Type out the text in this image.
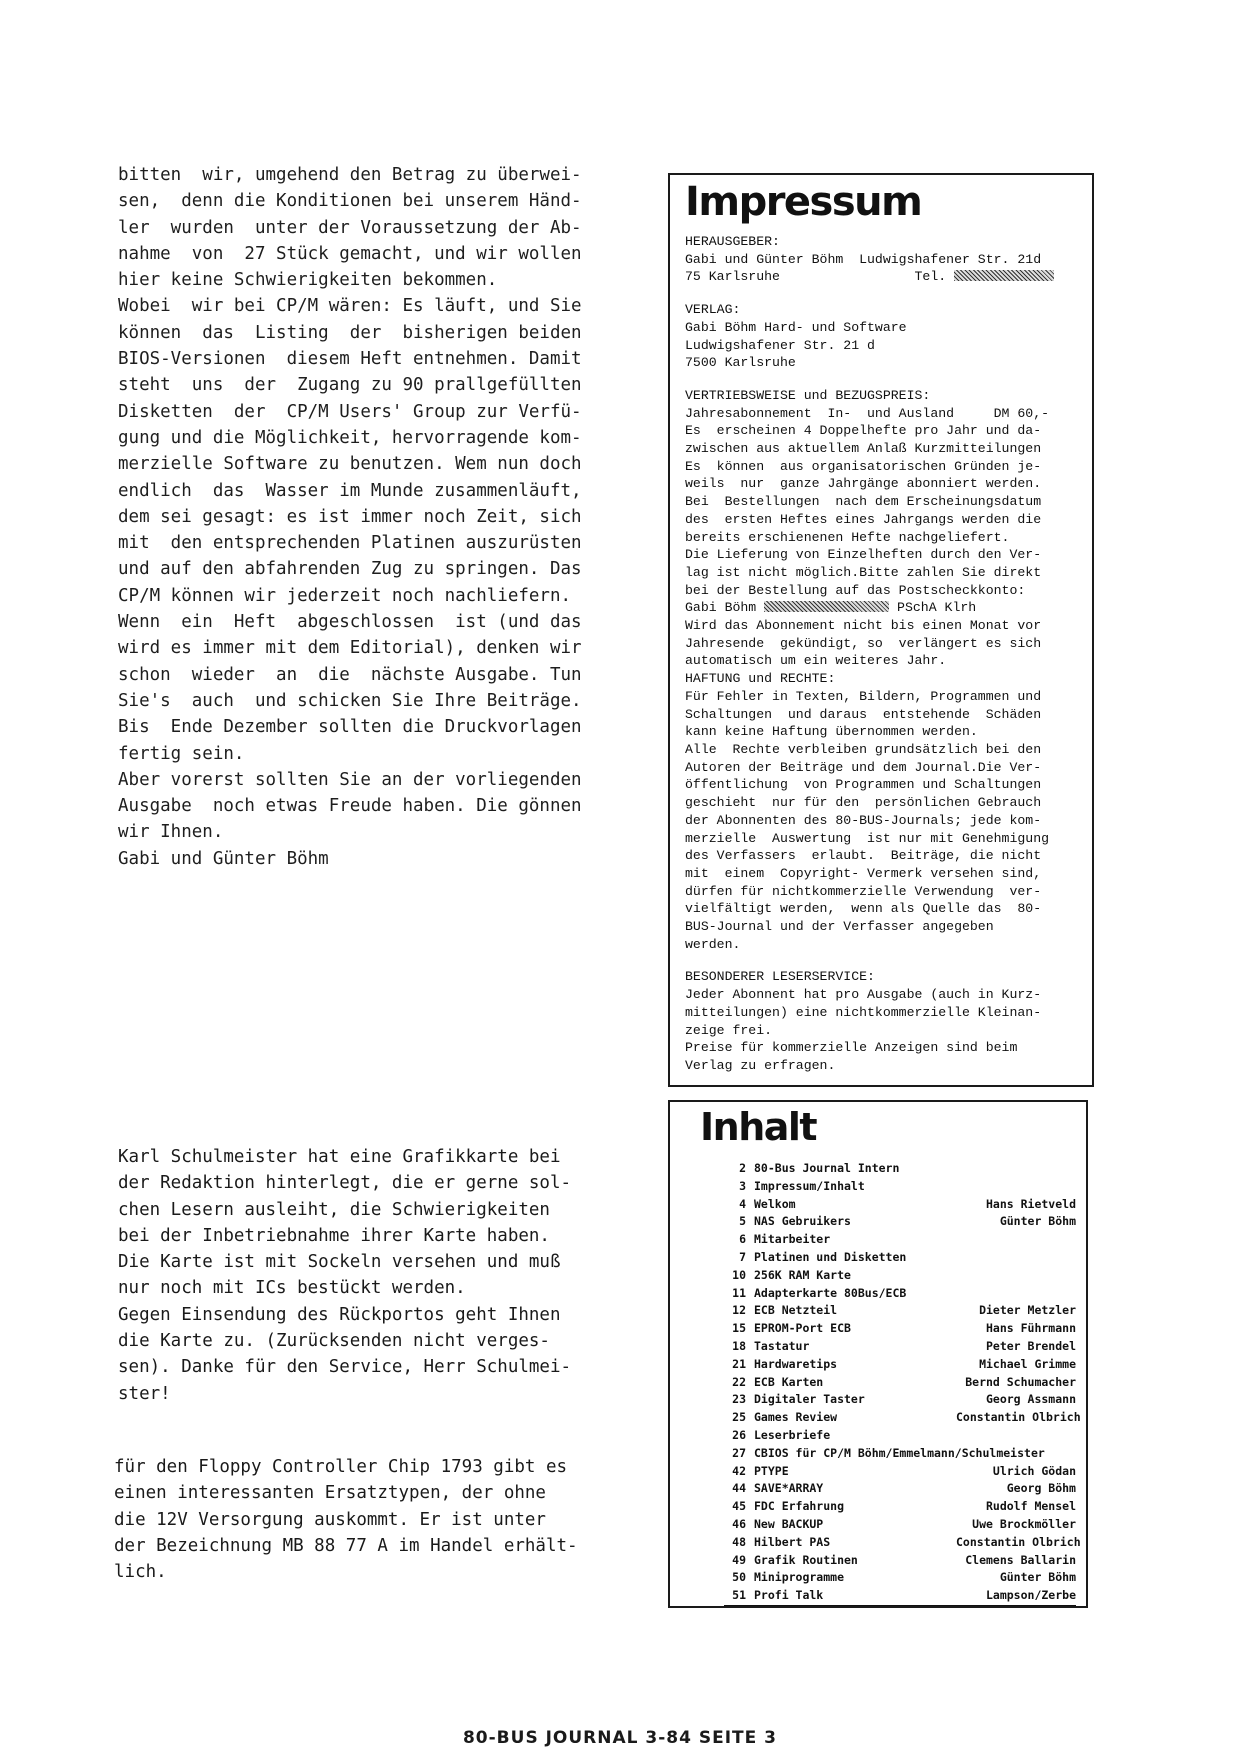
bitten  wir, umgehend den Betrag zu überwei-

sen,  denn die Konditionen bei unserem Händ-

ler  wurden  unter der Voraussetzung der Ab-

nahme  von  27 Stück gemacht, und wir wollen

hier keine Schwierigkeiten bekommen.

Wobei  wir bei CP/M wären: Es läuft, und Sie

können  das  Listing  der  bisherigen beiden

BIOS-Versionen  diesem Heft entnehmen. Damit

steht  uns  der  Zugang zu 90 prallgefüllten

Disketten  der  CP/M Users' Group zur Verfü-

gung und die Möglichkeit, hervorragende kom-

merzielle Software zu benutzen. Wem nun doch

endlich  das  Wasser im Munde zusammenläuft,

dem sei gesagt: es ist immer noch Zeit, sich

mit  den entsprechenden Platinen auszurüsten

und auf den abfahrenden Zug zu springen. Das

CP/M können wir jederzeit noch nachliefern.

Wenn  ein  Heft  abgeschlossen  ist (und das

wird es immer mit dem Editorial), denken wir

schon  wieder  an  die  nächste Ausgabe. Tun

Sie's  auch  und schicken Sie Ihre Beiträge.

Bis  Ende Dezember sollten die Druckvorlagen

fertig sein.

Aber vorerst sollten Sie an der vorliegenden

Ausgabe  noch etwas Freude haben. Die gönnen

wir Ihnen.

Gabi und Günter Böhm

Karl Schulmeister hat eine Grafikkarte bei

der Redaktion hinterlegt, die er gerne sol-

chen Lesern ausleiht, die Schwierigkeiten

bei der Inbetriebnahme ihrer Karte haben.

Die Karte ist mit Sockeln versehen und muß

nur noch mit ICs bestückt werden.

Gegen Einsendung des Rückportos geht Ihnen

die Karte zu. (Zurücksenden nicht verges-

sen). Danke für den Service, Herr Schulmei-

ster!

für den Floppy Controller Chip 1793 gibt es

einen interessanten Ersatztypen, der ohne

die 12V Versorgung auskommt. Er ist unter

der Bezeichnung MB 88 77 A im Handel erhält-

lich.

Impressum

HERAUSGEBER:

Gabi und Günter Böhm  Ludwigshafener Str. 21d

75 Karlsruhe                 Tel.

VERLAG:

Gabi Böhm Hard- und Software

Ludwigshafener Str. 21 d

7500 Karlsruhe

VERTRIEBSWEISE und BEZUGSPREIS:

Jahresabonnement  In-  und Ausland     DM 60,-

Es  erscheinen 4 Doppelhefte pro Jahr und da-

zwischen aus aktuellem Anlaß Kurzmitteilungen

Es  können  aus organisatorischen Gründen je-

weils  nur  ganze Jahrgänge abonniert werden.

Bei  Bestellungen  nach dem Erscheinungsdatum

des  ersten Heftes eines Jahrgangs werden die

bereits erschienenen Hefte nachgeliefert.

Die Lieferung von Einzelheften durch den Ver-

lag ist nicht möglich.Bitte zahlen Sie direkt

bei der Bestellung auf das Postscheckkonto:

Gabi Böhm	PSchA Klrh

Wird das Abonnement nicht bis einen Monat vor

Jahresende  gekündigt, so  verlängert es sich

automatisch um ein weiteres Jahr.

HAFTUNG und RECHTE:

Für Fehler in Texten, Bildern, Programmen und

Schaltungen  und daraus  entstehende  Schäden

kann keine Haftung übernommen werden.

Alle  Rechte verbleiben grundsätzlich bei den

Autoren der Beiträge und dem Journal.Die Ver-

öffentlichung  von Programmen und Schaltungen

geschieht  nur für den  persönlichen Gebrauch

der Abonnenten des 80-BUS-Journals; jede kom-

merzielle  Auswertung  ist nur mit Genehmigung

des Verfassers  erlaubt.  Beiträge, die nicht

mit  einem  Copyright- Vermerk versehen sind,

dürfen für nichtkommerzielle Verwendung  ver-

vielfältigt werden,  wenn als Quelle das  80-

BUS-Journal und der Verfasser angegeben

werden.

BESONDERER LESERSERVICE:

Jeder Abonnent hat pro Ausgabe (auch in Kurz-

mitteilungen) eine nichtkommerzielle Kleinan-

zeige frei.

Preise für kommerzielle Anzeigen sind beim

Verlag zu erfragen.

Inhalt
2 80-Bus Journal Intern
3 Impressum/Inhalt
4 Welkom	Hans Rietveld
5 NAS Gebruikers	Günter Böhm
6 Mitarbeiter
7 Platinen und Disketten
10 256K RAM Karte
11 Adapterkarte 80Bus/ECB
12 ECB Netzteil	Dieter Metzler
15 EPROM-Port ECB	Hans Führmann
18 Tastatur	Peter Brendel
21 Hardwaretips	Michael Grimme
22 ECB Karten	Bernd Schumacher
23 Digitaler Taster	Georg Assmann
25 Games Review	Constantin Olbrich
26 Leserbriefe
27 CBIOS für CP/M Böhm/Emmelmann/Schulmeister
42 PTYPE	Ulrich Gödan
44 SAVE*ARRAY	Georg Böhm
45 FDC Erfahrung	Rudolf Mensel
46 New BACKUP	Uwe Brockmöller
48 Hilbert PAS	Constantin Olbrich
49 Grafik Routinen	Clemens Ballarin
50 Miniprogramme	Günter Böhm
51 Profi Talk	Lampson/Zerbe
80-BUS JOURNAL 3-84 SEITE 3
